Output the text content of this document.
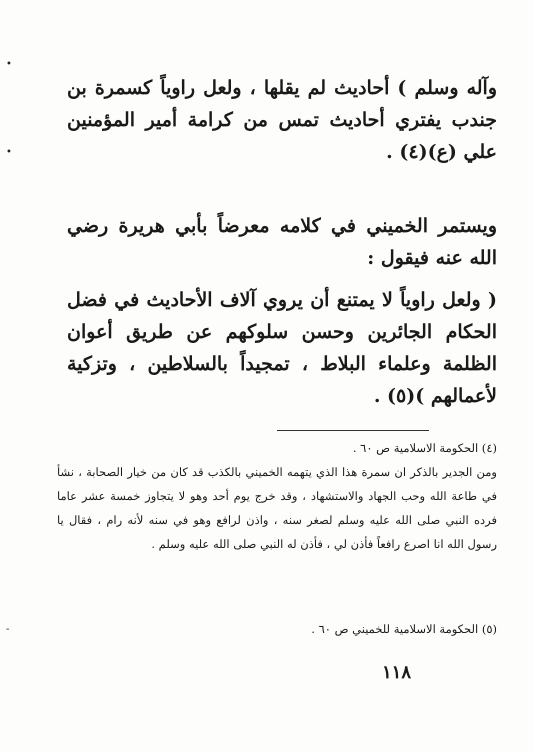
•
•
-

وآله وسلم ) أحاديث لم يقلها ، ولعل راوياً كسمرة بن جندب يفتري أحاديث تمس من كرامة أمير المؤمنين علي (ع)(٤) .

ويستمر الخميني في كلامه معرضاً بأبي هريرة رضي الله عنه فيقول :

( ولعل راوياً لا يمتنع أن يروي آلاف الأحاديث في فضل الحكام الجائرين وحسن سلوكهم عن طريق أعوان الظلمة وعلماء البلاط ، تمجيداً بالسلاطين ، وتزكية لأعمالهم )(٥) .

(٤) الحكومة الاسلامية ص ٦٠ .

ومن الجدير بالذكر ان سمرة هذا الذي يتهمه الخميني بالكذب قد كان من خيار الصحابة ، نشأ في طاعة الله وحب الجهاد والاستشهاد ، وقد خرج يوم أحد وهو لا يتجاوز خمسة عشر عاما فرده النبي صلى الله عليه وسلم لصغر سنه ، واذن لرافع وهو في سنه لأنه رام ، فقال يا رسول الله انا اصرع رافعاً فأذن لي ، فأذن له النبي صلى الله عليه وسلم .

(٥) الحكومة الاسلامية للخميني ص ٦٠ .

١١٨
